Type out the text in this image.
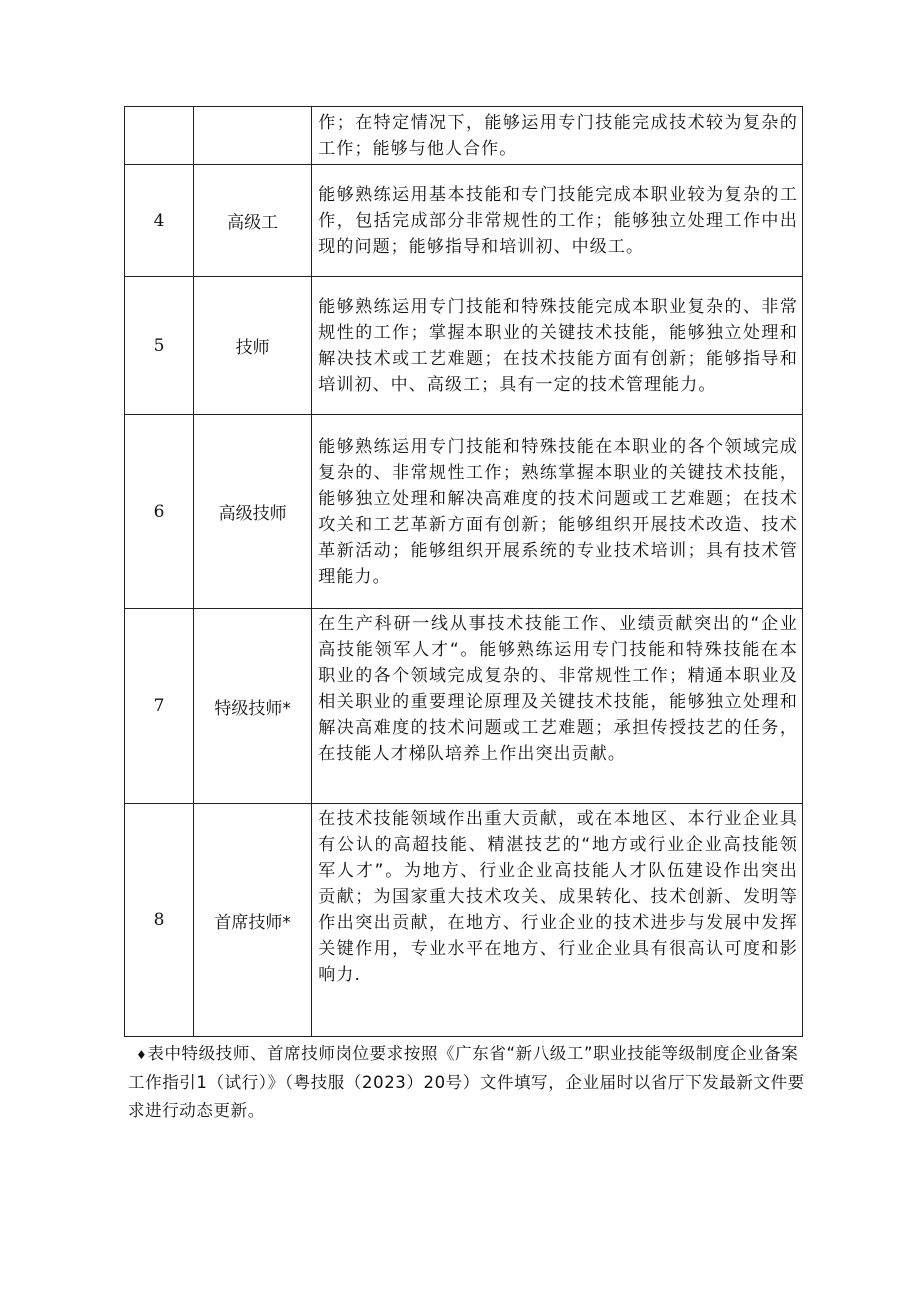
		作；在特定情况下，能够运用专门技能完成技术较为复杂的工作；能够与他人合作。
4	高级工	能够熟练运用基本技能和专门技能完成本职业较为复杂的工作，包括完成部分非常规性的工作；能够独立处理工作中出现的问题；能够指导和培训初、中级工。
5	技师	能够熟练运用专门技能和特殊技能完成本职业复杂的、非常规性的工作；掌握本职业的关键技术技能，能够独立处理和解决技术或工艺难题；在技术技能方面有创新；能够指导和培训初、中、高级工；具有一定的技术管理能力。
6	高级技师	能够熟练运用专门技能和特殊技能在本职业的各个领域完成复杂的、非常规性工作；熟练掌握本职业的关键技术技能，能够独立处理和解决高难度的技术问题或工艺难题；在技术攻关和工艺革新方面有创新；能够组织开展技术改造、技术革新活动；能够组织开展系统的专业技术培训；具有技术管理能力。
7	特级技师*	在生产科研一线从事技术技能工作、业绩贡献突出的“企业高技能领军人才“。能够熟练运用专门技能和特殊技能在本职业的各个领域完成复杂的、非常规性工作；精通本职业及相关职业的重要理论原理及关键技术技能，能够独立处理和解决高难度的技术问题或工艺难题；承担传授技艺的任务，在技能人才梯队培养上作出突出贡献。
8	首席技师*	在技术技能领域作出重大贡献，或在本地区、本行业企业具有公认的高超技能、精湛技艺的“地方或行业企业高技能领军人才”。为地方、行业企业高技能人才队伍建设作出突出贡献；为国家重大技术攻关、成果转化、技术创新、发明等作出突出贡献，在地方、行业企业的技术进步与发展中发挥关键作用，专业水平在地方、行业企业具有很高认可度和影响力.

♦表中特级技师、首席技师岗位要求按照《广东省“新八级工”职业技能等级制度企业备案工作指引1（试行）》（粤技服（2023）20号）文件填写，企业届时以省厅下发最新文件要求进行动态更新。
